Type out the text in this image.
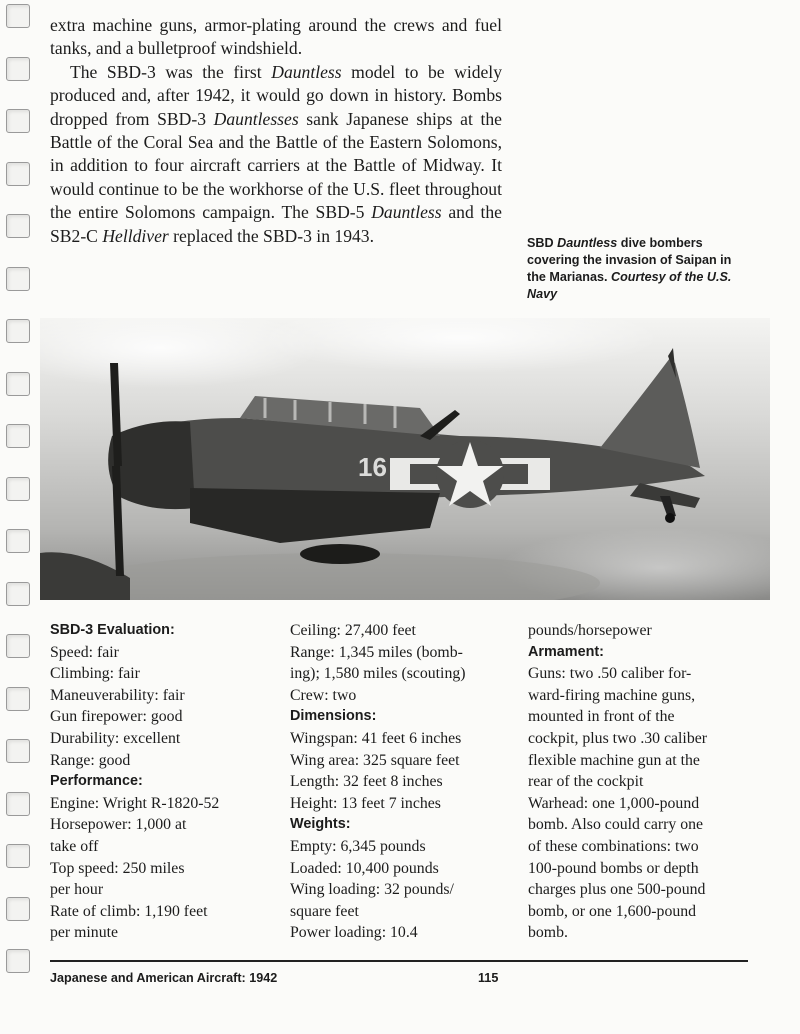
extra machine guns, armor-plating around the crews and fuel tanks, and a bulletproof windshield.

The SBD-3 was the first Dauntless model to be widely produced and, after 1942, it would go down in history. Bombs dropped from SBD-3 Dauntlesses sank Japanese ships at the Battle of the Coral Sea and the Battle of the Eastern Solomons, in addition to four aircraft carriers at the Battle of Midway. It would continue to be the workhorse of the U.S. fleet throughout the entire Solomons campaign. The SBD-5 Dauntless and the SB2-C Helldiver replaced the SBD-3 in 1943.	SBD Dauntless dive bombers covering the invasion of Saipan in the Marianas. Courtesy of the U.S. Navy
16
SBD-3 Evaluation:
Speed: fair
Climbing: fair
Maneuverability: fair
Gun firepower: good
Durability: excellent
Range: good
Performance:
Engine: Wright R-1820-52
Horsepower: 1,000 at
take off
Top speed: 250 miles
per hour
Rate of climb: 1,190 feet
per minute
Ceiling: 27,400 feet
Range: 1,345 miles (bomb-
ing); 1,580 miles (scouting)
Crew: two
Dimensions:
Wingspan: 41 feet 6 inches
Wing area: 325 square feet
Length: 32 feet 8 inches
Height: 13 feet 7 inches
Weights:
Empty: 6,345 pounds
Loaded: 10,400 pounds
Wing loading: 32 pounds/
square feet
Power loading: 10.4
pounds/horsepower
Armament:
Guns: two .50 caliber for-
ward-firing machine guns,
mounted in front of the
cockpit, plus two .30 caliber
flexible machine gun at the
rear of the cockpit
Warhead: one 1,000-pound
bomb. Also could carry one
of these combinations: two
100-pound bombs or depth
charges plus one 500-pound
bomb, or one 1,600-pound
bomb.
Japanese and American Aircraft: 1942	115
